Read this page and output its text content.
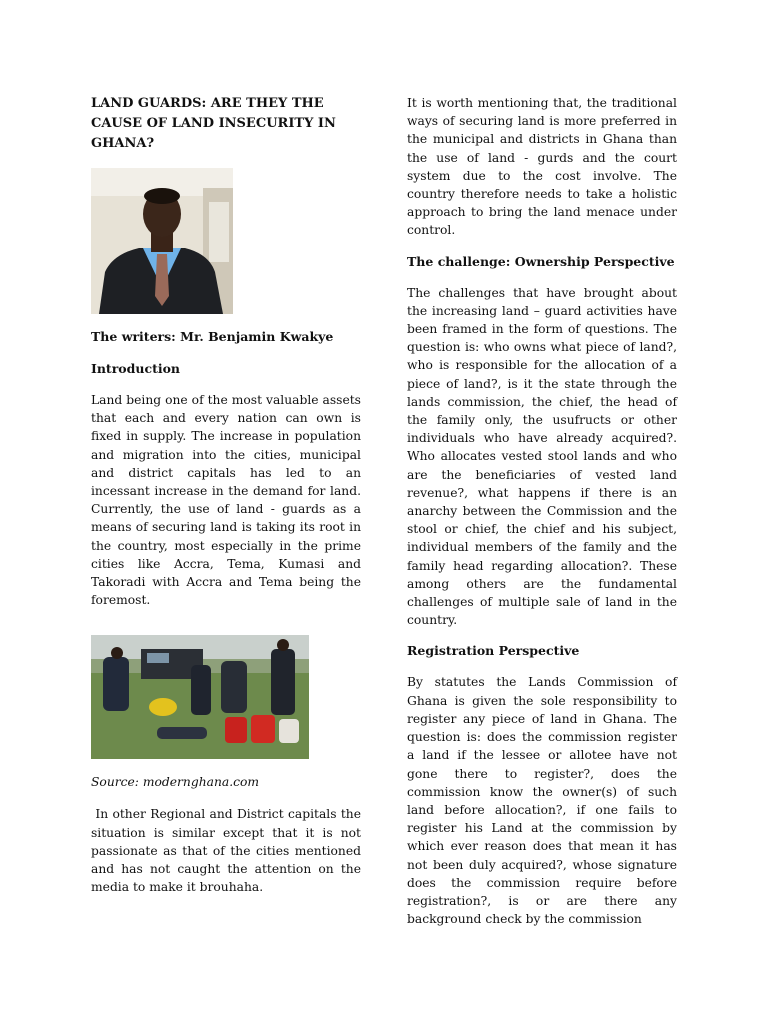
LAND GUARDS: ARE THEY THE CAUSE OF LAND INSECURITY IN GHANA?

The writers: Mr. Benjamin Kwakye

Introduction

Land being one of the most valuable assets that each and every nation can own is fixed in supply. The increase in population and migration into the cities, municipal and district capitals has led to an incessant increase in the demand for land. Currently, the use of land - guards as a means of securing land is taking its root in the country, most especially in the prime cities like Accra, Tema, Kumasi and Takoradi with Accra and Tema being the foremost.

Source: modernghana.com

In other Regional and District capitals the situation is similar except that it is not passionate as that of the cities mentioned and has not caught the attention on the media to make it brouhaha.

It is worth mentioning that, the traditional ways of securing land is more preferred in the municipal and districts in Ghana than the use of land - gurds and the court system due to the cost involve. The country therefore needs to take a holistic approach to bring the land menace under control.

The challenge: Ownership Perspective

The challenges that have brought about the increasing land – guard activities have been framed in the form of questions. The question is: who owns what piece of land?, who is responsible for the allocation of a piece of land?, is it the state through the lands commission, the chief, the head of the family only, the usufructs or other individuals who have already acquired?. Who allocates vested stool lands and who are the beneficiaries of vested land revenue?, what happens if there is an anarchy between the Commission and the stool or chief, the chief and his subject, individual members of the family and the family head regarding allocation?. These among others are the fundamental challenges of multiple sale of land in the country.

Registration Perspective

By statutes the Lands Commission of Ghana is given the sole responsibility to register any piece of land in Ghana. The question is: does the commission register a land if the lessee or allotee have not gone there to register?, does the commission know the owner(s) of such land before allocation?, if one fails to register his Land at the commission by which ever reason does that mean it has not been duly acquired?, whose signature does the commission require before registration?, is or are there any background check by the commission
